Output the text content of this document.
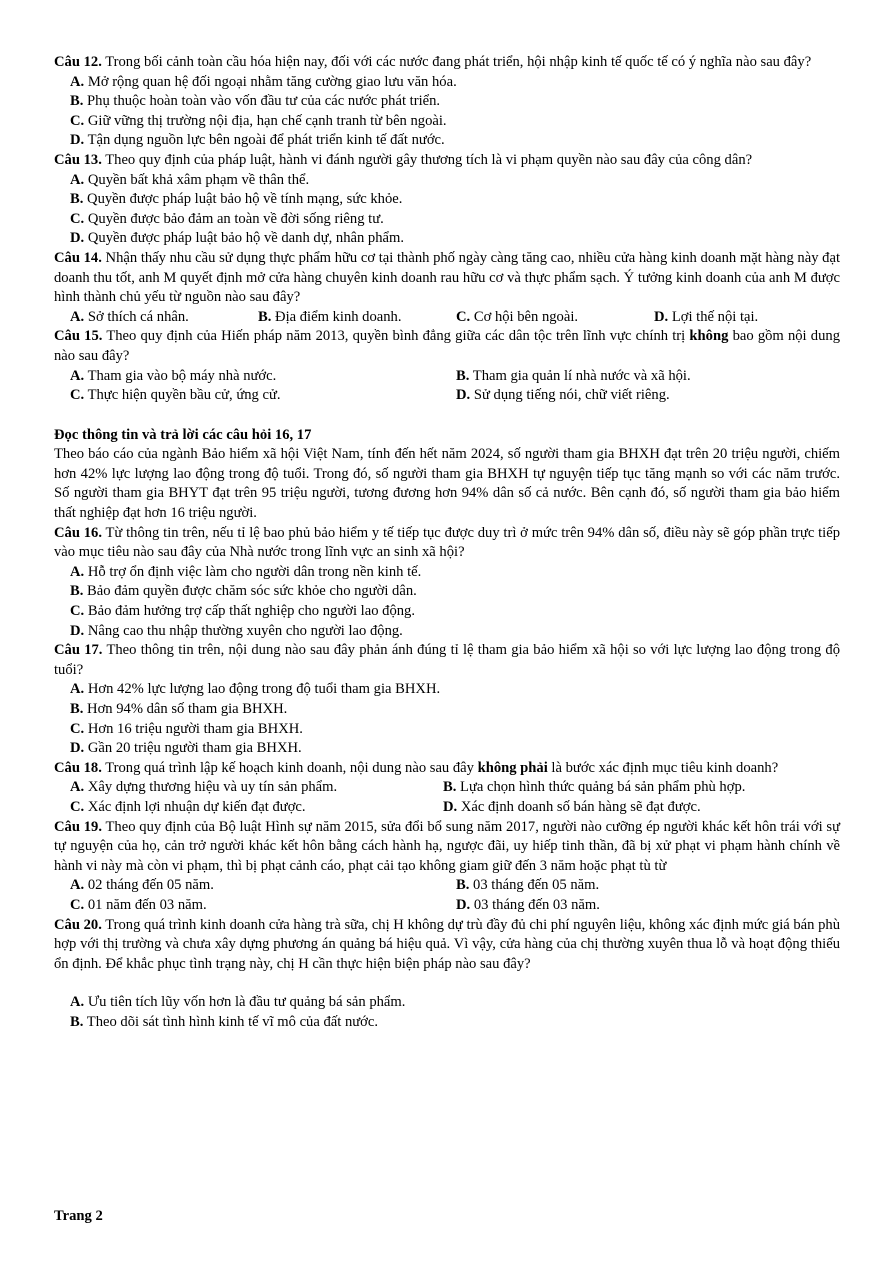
Câu 12. Trong bối cảnh toàn cầu hóa hiện nay, đối với các nước đang phát triển, hội nhập kinh tế quốc tế có ý nghĩa nào sau đây?

A. Mở rộng quan hệ đối ngoại nhằm tăng cường giao lưu văn hóa.
B. Phụ thuộc hoàn toàn vào vốn đầu tư của các nước phát triển.
C. Giữ vững thị trường nội địa, hạn chế cạnh tranh từ bên ngoài.
D. Tận dụng nguồn lực bên ngoài để phát triển kinh tế đất nước.

Câu 13. Theo quy định của pháp luật, hành vi đánh người gây thương tích là vi phạm quyền nào sau đây của công dân?

A. Quyền bất khả xâm phạm về thân thể.
B. Quyền được pháp luật bảo hộ về tính mạng, sức khỏe.
C. Quyền được bảo đảm an toàn về đời sống riêng tư.
D. Quyền được pháp luật bảo hộ về danh dự, nhân phẩm.

Câu 14. Nhận thấy nhu cầu sử dụng thực phẩm hữu cơ tại thành phố ngày càng tăng cao, nhiều cửa hàng kinh doanh mặt hàng này đạt doanh thu tốt, anh M quyết định mở cửa hàng chuyên kinh doanh rau hữu cơ và thực phẩm sạch. Ý tưởng kinh doanh của anh M được hình thành chủ yếu từ nguồn nào sau đây?

A. Sở thích cá nhân.	B. Địa điểm kinh doanh.	C. Cơ hội bên ngoài.	D. Lợi thế nội tại.

Câu 15. Theo quy định của Hiến pháp năm 2013, quyền bình đẳng giữa các dân tộc trên lĩnh vực chính trị không bao gồm nội dung nào sau đây?

A. Tham gia vào bộ máy nhà nước.	B. Tham gia quản lí nhà nước và xã hội.
C. Thực hiện quyền bầu cử, ứng cử.	D. Sử dụng tiếng nói, chữ viết riêng.
Đọc thông tin và trả lời các câu hỏi 16, 17

Theo báo cáo của ngành Bảo hiểm xã hội Việt Nam, tính đến hết năm 2024, số người tham gia BHXH đạt trên 20 triệu người, chiếm hơn 42% lực lượng lao động trong độ tuổi. Trong đó, số người tham gia BHXH tự nguyện tiếp tục tăng mạnh so với các năm trước. Số người tham gia BHYT đạt trên 95 triệu người, tương đương hơn 94% dân số cả nước. Bên cạnh đó, số người tham gia bảo hiểm thất nghiệp đạt hơn 16 triệu người.

Câu 16. Từ thông tin trên, nếu tỉ lệ bao phủ bảo hiểm y tế tiếp tục được duy trì ở mức trên 94% dân số, điều này sẽ góp phần trực tiếp vào mục tiêu nào sau đây của Nhà nước trong lĩnh vực an sinh xã hội?

A. Hỗ trợ ổn định việc làm cho người dân trong nền kinh tế.
B. Bảo đảm quyền được chăm sóc sức khỏe cho người dân.
C. Bảo đảm hưởng trợ cấp thất nghiệp cho người lao động.
D. Nâng cao thu nhập thường xuyên cho người lao động.

Câu 17. Theo thông tin trên, nội dung nào sau đây phản ánh đúng tỉ lệ tham gia bảo hiểm xã hội so với lực lượng lao động trong độ tuổi?

A. Hơn 42% lực lượng lao động trong độ tuổi tham gia BHXH.
B. Hơn 94% dân số tham gia BHXH.
C. Hơn 16 triệu người tham gia BHXH.
D. Gần 20 triệu người tham gia BHXH.

Câu 18. Trong quá trình lập kế hoạch kinh doanh, nội dung nào sau đây không phải là bước xác định mục tiêu kinh doanh?

A. Xây dựng thương hiệu và uy tín sản phẩm.	B. Lựa chọn hình thức quảng bá sản phẩm phù hợp.
C. Xác định lợi nhuận dự kiến đạt được.	D. Xác định doanh số bán hàng sẽ đạt được.

Câu 19. Theo quy định của Bộ luật Hình sự năm 2015, sửa đổi bổ sung năm 2017, người nào cưỡng ép người khác kết hôn trái với sự tự nguyện của họ, cản trở người khác kết hôn bằng cách hành hạ, ngược đãi, uy hiếp tinh thần, đã bị xử phạt vi phạm hành chính về hành vi này mà còn vi phạm, thì bị phạt cảnh cáo, phạt cải tạo không giam giữ đến 3 năm hoặc phạt tù từ

A. 02 tháng đến 05 năm.	B. 03 tháng đến 05 năm.
C. 01 năm đến 03 năm.	D. 03 tháng đến 03 năm.

Câu 20. Trong quá trình kinh doanh cửa hàng trà sữa, chị H không dự trù đầy đủ chi phí nguyên liệu, không xác định mức giá bán phù hợp với thị trường và chưa xây dựng phương án quảng bá hiệu quả. Vì vậy, cửa hàng của chị thường xuyên thua lỗ và hoạt động thiếu ổn định. Để khắc phục tình trạng này, chị H cần thực hiện biện pháp nào sau đây?

A. Ưu tiên tích lũy vốn hơn là đầu tư quảng bá sản phẩm.
B. Theo dõi sát tình hình kinh tế vĩ mô của đất nước.
Trang 2
